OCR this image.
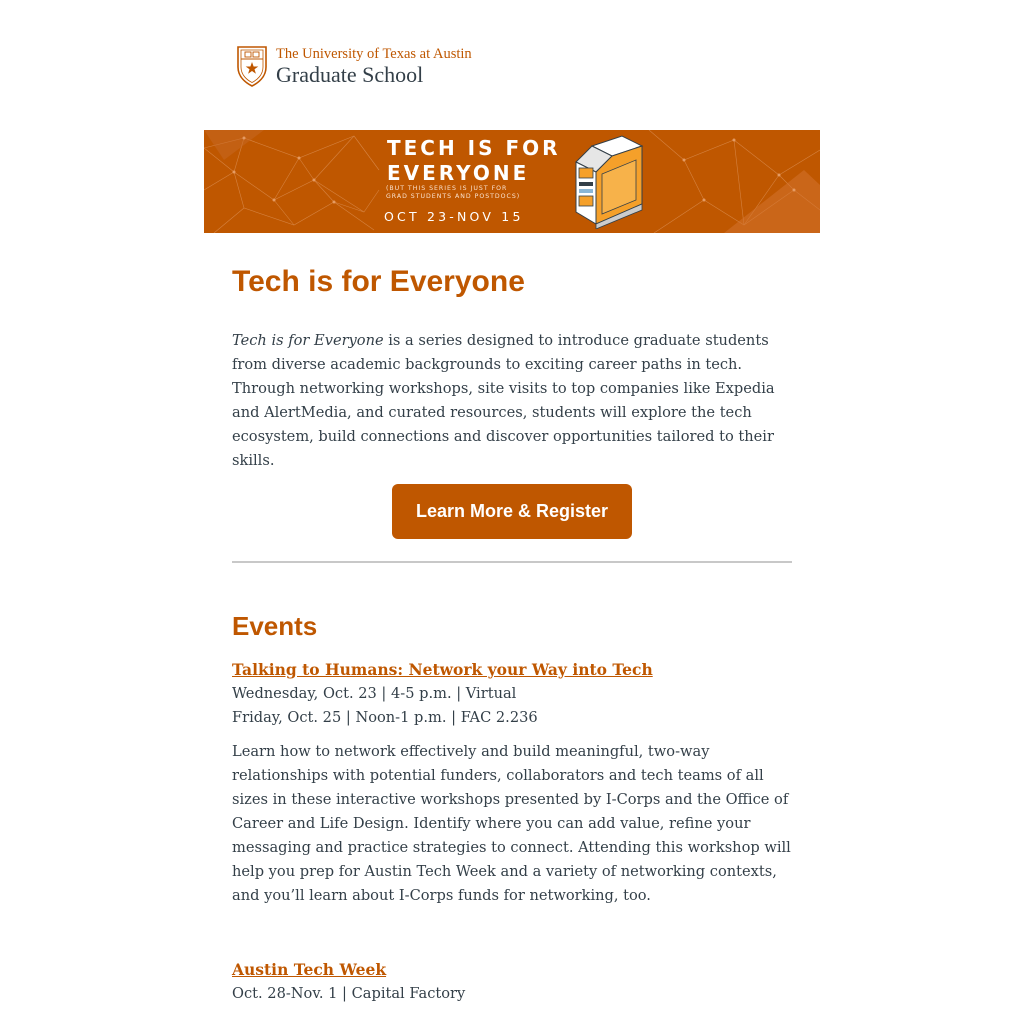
The University of Texas at Austin
Graduate School
TECH IS FOR
EVERYONE
(BUT THIS SERIES IS JUST FOR
GRAD STUDENTS AND POSTDOCS)
OCT 23-NOV 15
Tech is for Everyone

Tech is for Everyone is a series designed to introduce graduate students from diverse academic backgrounds to exciting career paths in tech. Through networking workshops, site visits to top companies like Expedia and AlertMedia, and curated resources, students will explore the tech ecosystem, build connections and discover opportunities tailored to their skills.

Learn More & Register
Events
Talking to Humans: Network your Way into Tech
Wednesday, Oct. 23 | 4-5 p.m. | Virtual
Friday, Oct. 25 | Noon-1 p.m. | FAC 2.236

Learn how to network effectively and build meaningful, two-way relationships with potential funders, collaborators and tech teams of all sizes in these interactive workshops presented by I-Corps and the Office of Career and Life Design. Identify where you can add value, refine your messaging and practice strategies to connect. Attending this workshop will help you prep for Austin Tech Week and a variety of networking contexts, and you’ll learn about I-Corps funds for networking, too.

Austin Tech Week
Oct. 28-Nov. 1 | Capital Factory
